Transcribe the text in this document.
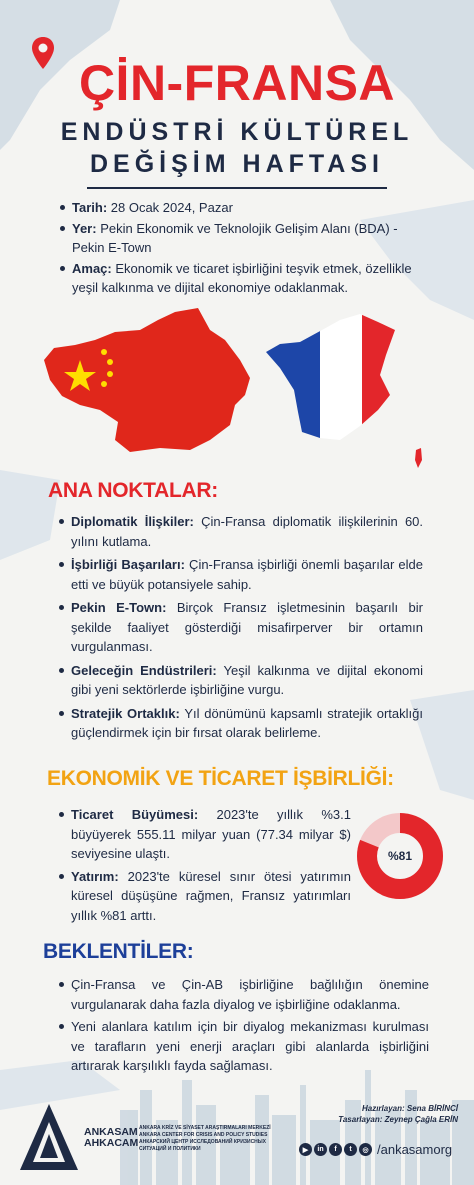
ÇİN-FRANSA
ENDÜSTRİ KÜLTÜREL
DEĞİŞİM HAFTASI
Tarih: 28 Ocak 2024, Pazar
Yer: Pekin Ekonomik ve Teknolojik Gelişim Alanı (BDA) - Pekin E-Town
Amaç: Ekonomik ve ticaret işbirliğini teşvik etmek, özellikle yeşil kalkınma ve dijital ekonomiye odaklanmak.
ANA NOKTALAR:
Diplomatik İlişkiler: Çin-Fransa diplomatik ilişkilerinin 60. yılını kutlama.
İşbirliği Başarıları: Çin-Fransa işbirliği önemli başarılar elde etti ve büyük potansiyele sahip.
Pekin E-Town: Birçok Fransız işletmesinin başarılı bir şekilde faaliyet gösterdiği misafirperver bir ortamın vurgulanması.
Geleceğin Endüstrileri: Yeşil kalkınma ve dijital ekonomi gibi yeni sektörlerde işbirliğine vurgu.
Stratejik Ortaklık: Yıl dönümünü kapsamlı stratejik ortaklığı güçlendirmek için bir fırsat olarak belirleme.
EKONOMİK VE TİCARET İŞBİRLİĞİ:
Ticaret Büyümesi: 2023'te yıllık %3.1 büyüyerek 555.11 milyar yuan (77.34 milyar $) seviyesine ulaştı.
Yatırım: 2023'te küresel sınır ötesi yatırımın küresel düşüşüne rağmen, Fransız yatırımları yıllık %81 arttı.
%81
BEKLENTİLER:
Çin-Fransa ve Çin-AB işbirliğine bağlılığın önemine vurgulanarak daha fazla diyalog ve işbirliğine odaklanma.
Yeni alanlara katılım için bir diyalog mekanizması kurulması ve tarafların yeni enerji araçları gibi alanlarda işbirliğini artırarak karşılıklı fayda sağlaması.
ANKASAM
AHKACAM
ANKARA KRİZ VE SİYASET ARAŞTIRMALARI MERKEZİ
ANKARA CENTER FOR CRISIS AND POLICY STUDIES
АНКАРСКИЙ ЦЕНТР ИССЛЕДОВАНИЙ КРИЗИСНЫХ СИТУАЦИЙ И ПОЛИТИКИ
Hazırlayan: Sena BİRİNCİ
Tasarlayan: Zeynep Çağla ERİN
▶	in	f	t	◎ /ankasamorg
